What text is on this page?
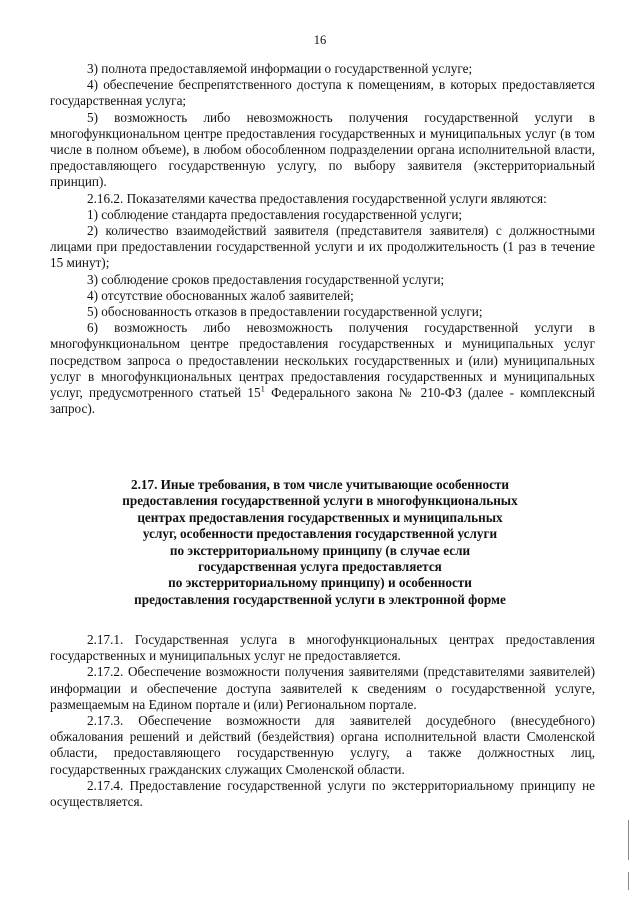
16

3) полнота предоставляемой информации о государственной услуге;

4) обеспечение беспрепятственного доступа к помещениям, в которых предоставляется государственная услуга;

5) возможность либо невозможность получения государственной услуги в многофункциональном центре предоставления государственных и муниципальных услуг (в том числе в полном объеме), в любом обособленном подразделении органа исполнительной власти, предоставляющего государственную услугу, по выбору заявителя (экстерриториальный принцип).

2.16.2. Показателями качества предоставления государственной услуги являются:

1) соблюдение стандарта предоставления государственной услуги;

2) количество взаимодействий заявителя (представителя заявителя) с должностными лицами при предоставлении государственной услуги и их продолжительность (1 раз в течение 15 минут);

3) соблюдение сроков предоставления государственной услуги;

4) отсутствие обоснованных жалоб заявителей;

5) обоснованность отказов в предоставлении государственной услуги;

6) возможность либо невозможность получения государственной услуги в многофункциональном центре предоставления государственных и муниципальных услуг посредством запроса о предоставлении нескольких государственных и (или) муниципальных услуг в многофункциональных центрах предоставления государственных и муниципальных услуг, предусмотренного статьей $15^1$ Федерального закона № 210-ФЗ (далее - комплексный запрос).

2.17. Иные требования, в том числе учитывающие особенности
предоставления государственной услуги в многофункциональных
центрах предоставления государственных и муниципальных
услуг, особенности предоставления государственной услуги
по экстерриториальному принципу (в случае если
государственная услуга предоставляется
по экстерриториальному принципу) и особенности
предоставления государственной услуги в электронной форме

2.17.1. Государственная услуга в многофункциональных центрах предоставления государственных и муниципальных услуг не предоставляется.

2.17.2. Обеспечение возможности получения заявителями (представителями заявителей) информации и обеспечение доступа заявителей к сведениям о государственной услуге, размещаемым на Едином портале и (или) Региональном портале.

2.17.3. Обеспечение возможности для заявителей досудебного (внесудебного) обжалования решений и действий (бездействия) органа исполнительной власти Смоленской области, предоставляющего государственную услугу, а также должностных лиц, государственных гражданских служащих Смоленской области.

2.17.4. Предоставление государственной услуги по экстерриториальному принципу не осуществляется.
